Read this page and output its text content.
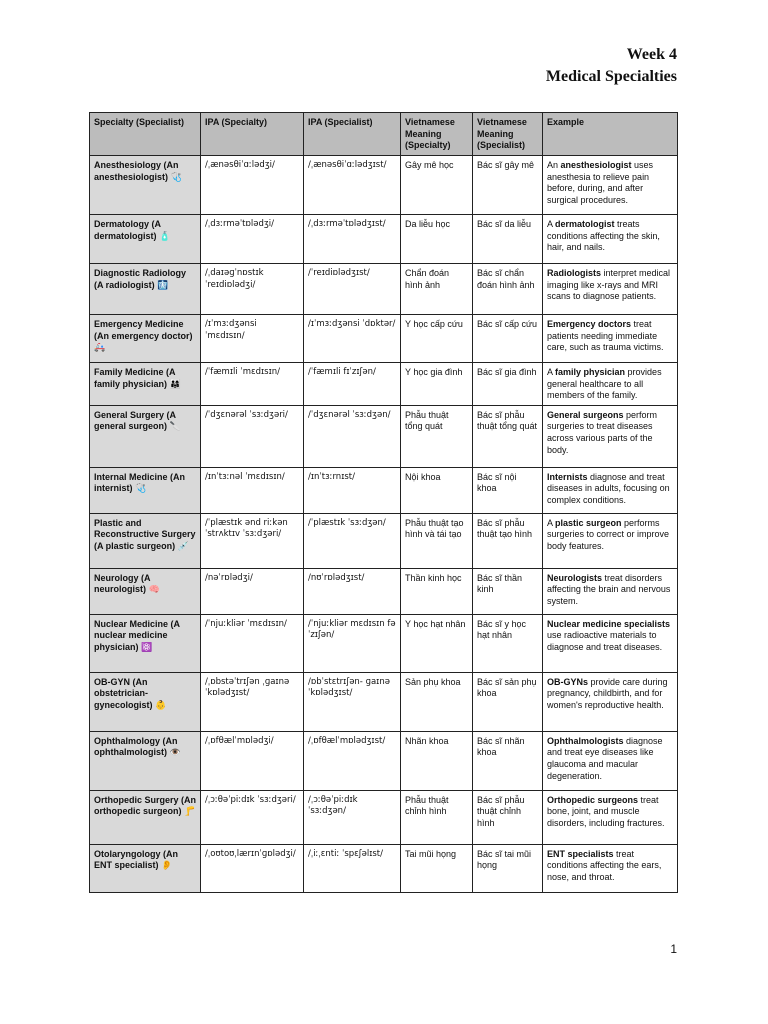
Week 4
Medical Specialties
Specialty (Specialist)	IPA (Specialty)	IPA (Specialist)	Vietnamese Meaning (Specialty)	Vietnamese Meaning (Specialist)	Example
Anesthesiology (An anesthesiologist) 🩺	/ˌænəsθiˈɑːlədʒi/	/ˌænəsθiˈɑːlədʒɪst/	Gây mê học	Bác sĩ gây mê	An anesthesiologist uses anesthesia to relieve pain before, during, and after surgical procedures.
Dermatology (A dermatologist) 🧴	/ˌdɜːrməˈtɒlədʒi/	/ˌdɜːrməˈtɒlədʒɪst/	Da liễu học	Bác sĩ da liễu	A dermatologist treats conditions affecting the skin, hair, and nails.
Diagnostic Radiology (A radiologist) 🩻	/ˌdaɪəɡˈnɒstɪk ˈreɪdiɒlədʒi/	/ˈreɪdiɒlədʒɪst/	Chẩn đoán hình ảnh	Bác sĩ chẩn đoán hình ảnh	Radiologists interpret medical imaging like x-rays and MRI scans to diagnose patients.
Emergency Medicine (An emergency doctor) 🚑	/ɪˈmɜːdʒənsi ˈmɛdɪsɪn/	/ɪˈmɜːdʒənsi ˈdɒktər/	Y học cấp cứu	Bác sĩ cấp cứu	Emergency doctors treat patients needing immediate care, such as trauma victims.
Family Medicine (A family physician) 👨‍👩‍👧	/ˈfæmɪli ˈmɛdɪsɪn/	/ˈfæmɪli fɪˈzɪʃən/	Y học gia đình	Bác sĩ gia đình	A family physician provides general healthcare to all members of the family.
General Surgery (A general surgeon) 🔪	/ˈdʒɛnərəl ˈsɜːdʒəri/	/ˈdʒɛnərəl ˈsɜːdʒən/	Phẫu thuật tổng quát	Bác sĩ phẫu thuật tổng quát	General surgeons perform surgeries to treat diseases across various parts of the body.
Internal Medicine (An internist) 🩺	/ɪnˈtɜːnəl ˈmɛdɪsɪn/	/ɪnˈtɜːrnɪst/	Nội khoa	Bác sĩ nội khoa	Internists diagnose and treat diseases in adults, focusing on complex conditions.
Plastic and Reconstructive Surgery (A plastic surgeon) 💉	/ˈplæstɪk ənd riːkənˈstrʌktɪv ˈsɜːdʒəri/	/ˈplæstɪk ˈsɜːdʒən/	Phẫu thuật tạo hình và tái tạo	Bác sĩ phẫu thuật tạo hình	A plastic surgeon performs surgeries to correct or improve body features.
Neurology (A neurologist) 🧠	/nəˈrɒlədʒi/	/nʊˈrɒlədʒɪst/	Thần kinh học	Bác sĩ thần kinh	Neurologists treat disorders affecting the brain and nervous system.
Nuclear Medicine (A nuclear medicine physician) ⚛️	/ˈnjuːkliər ˈmɛdɪsɪn/	/ˈnjuːkliər mɛdɪsɪn fəˈzɪʃən/	Y học hạt nhân	Bác sĩ y học hạt nhân	Nuclear medicine specialists use radioactive materials to diagnose and treat diseases.
OB-GYN (An obstetrician-gynecologist) 👶	/ˌɒbstəˈtrɪʃən ˌɡaɪnəˈkɒlədʒɪst/	/ɒbˈstɛtrɪʃən- ɡaɪnəˈkɒlədʒɪst/	Sản phụ khoa	Bác sĩ sản phụ khoa	OB-GYNs provide care during pregnancy, childbirth, and for women's reproductive health.
Ophthalmology (An ophthalmologist) 👁️	/ˌɒfθælˈmɒlədʒi/	/ˌɒfθælˈmɒlədʒɪst/	Nhãn khoa	Bác sĩ nhãn khoa	Ophthalmologists diagnose and treat eye diseases like glaucoma and macular degeneration.
Orthopedic Surgery (An orthopedic surgeon) 🦵	/ˌɔːθəˈpiːdɪk ˈsɜːdʒəri/	/ˌɔːθəˈpiːdɪk ˈsɜːdʒən/	Phẫu thuật chỉnh hình	Bác sĩ phẫu thuật chỉnh hình	Orthopedic surgeons treat bone, joint, and muscle disorders, including fractures.
Otolaryngology (An ENT specialist) 👂	/ˌoʊtoʊˌlærɪnˈɡɒlədʒi/	/ˌiːˌɛntiː ˈspɛʃəlɪst/	Tai mũi họng	Bác sĩ tai mũi họng	ENT specialists treat conditions affecting the ears, nose, and throat.
1
